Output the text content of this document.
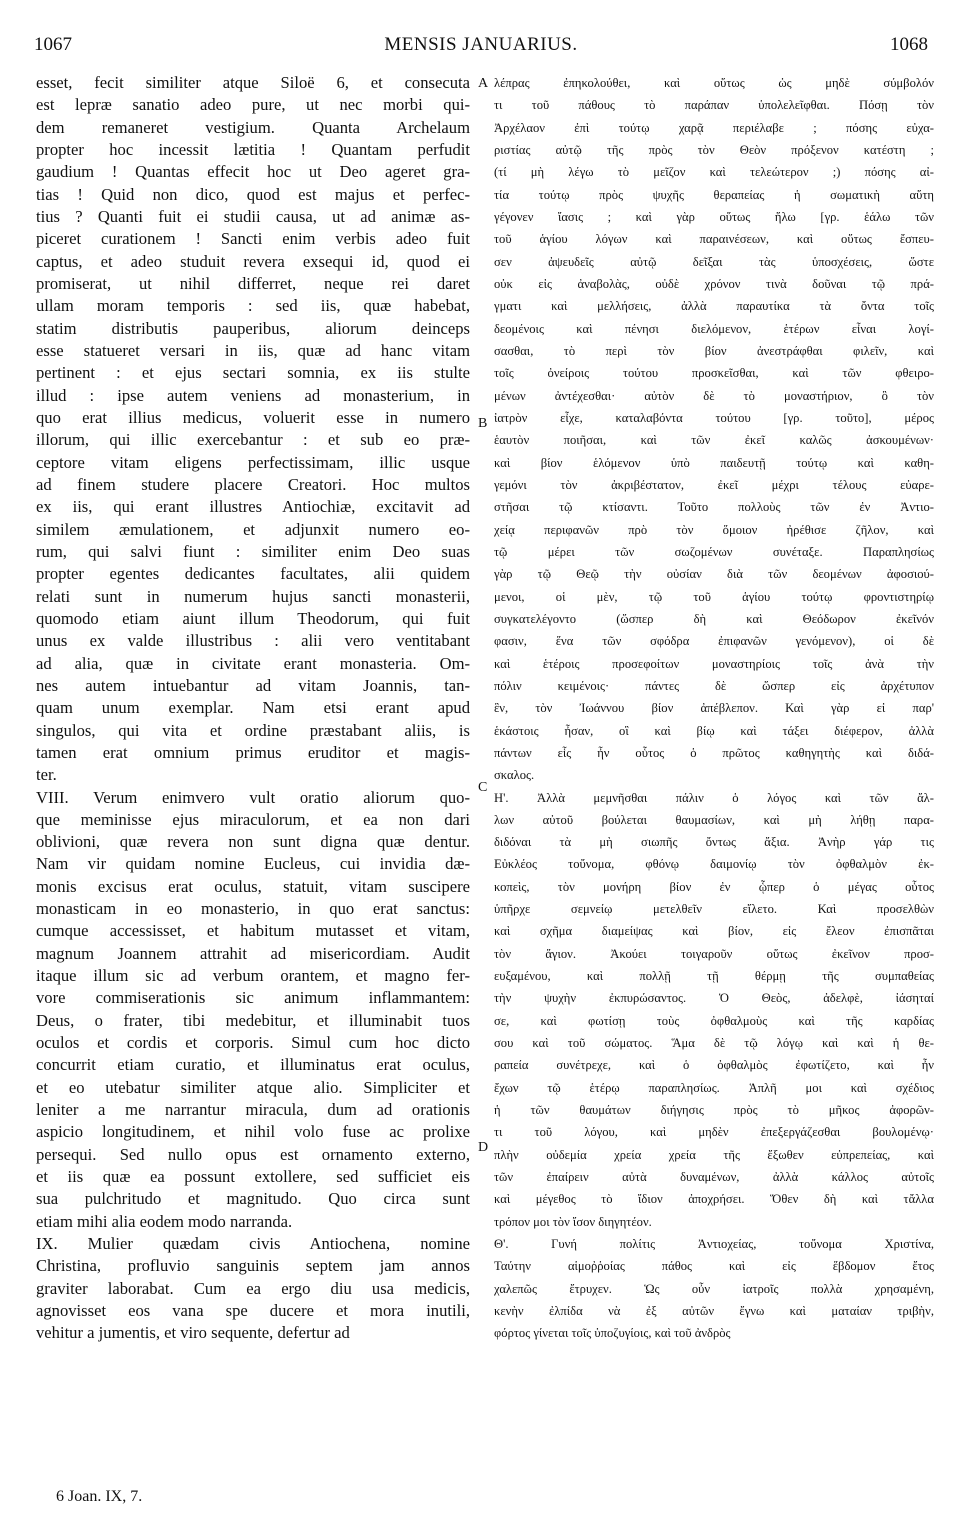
1067	MENSIS JANUARIUS.	1068
esset, fecit similiter atque Siloë 6, et consecuta
est lepræ sanatio adeo pure, ut nec morbi qui-
dem remaneret vestigium. Quanta Archelaum
propter hoc incessit lætitia ! Quantam perfudit
gaudium ! Quantas effecit hoc ut Deo ageret gra-
tias ! Quid non dico, quod est majus et perfec-
tius ? Quanti fuit ei studii causa, ut ad animæ as-
piceret curationem ! Sancti enim verbis adeo fuit
captus, et adeo studuit revera exsequi id, quod ei
promiserat, ut nihil differret, neque rei daret
ullam moram temporis : sed iis, quæ habebat,
statim distributis pauperibus, aliorum deinceps
esse statueret versari in iis, quæ ad hanc vitam
pertinent : et ejus sectari somnia, ex iis stulte
illud : ipse autem veniens ad monasterium, in
quo erat illius medicus, voluerit esse in numero
illorum, qui illic exercebantur : et sub eo præ-
ceptore vitam eligens perfectissimam, illic usque
ad finem studere placere Creatori. Hoc multos
ex iis, qui erant illustres Antiochiæ, excitavit ad
similem æmulationem, et adjunxit numero eo-
rum, qui salvi fiunt : similiter enim Deo suas
propter egentes dedicantes facultates, alii quidem
relati sunt in numerum hujus sancti monasterii,
quomodo etiam aiunt illum Theodorum, qui fuit
unus ex valde illustribus : alii vero ventitabant
ad alia, quæ in civitate erant monasteria. Om-
nes autem intuebantur ad vitam Joannis, tan-
quam unum exemplar. Nam etsi erant apud
singulos, qui vita et ordine præstabant aliis, is
tamen erat omnium primus eruditor et magis-
ter.
VIII. Verum enimvero vult oratio aliorum quo-
que meminisse ejus miraculorum, et ea non dari
oblivioni, quæ revera non sunt digna quæ dentur.
Nam vir quidam nomine Eucleus, cui invidia dæ-
monis excisus erat oculus, statuit, vitam suscipere
monasticam in eo monasterio, in quo erat sanctus:
cumque accessisset, et habitum mutasset et vitam,
magnum Joannem attrahit ad misericordiam. Audit
itaque illum sic ad verbum orantem, et magno fer-
vore commiserationis sic animum inflammantem:
Deus, o frater, tibi medebitur, et illuminabit tuos
oculos et cordis et corporis. Simul cum hoc dicto
concurrit etiam curatio, et illuminatus erat oculus,
et eo utebatur similiter atque alio. Simpliciter et
leniter a me narrantur miracula, dum ad orationis
aspicio longitudinem, et nihil volo fuse ac prolixe
persequi. Sed nullo opus est ornamento externo,
et iis quæ ea possunt extollere, sed sufficiet eis
sua pulchritudo et magnitudo. Quo circa sunt
etiam mihi alia eodem modo narranda.
IX. Mulier quædam civis Antiochena, nomine
Christina, profluvio sanguinis septem jam annos
graviter laborabat. Cum ea ergo diu usa medicis,
agnovisset eos vana spe ducere et mora inutili,
vehitur a jumentis, et viro sequente, defertur ad
λέπρας ἐπηκολούθει, καὶ οὕτως ὡς μηδὲ σύμβολόν
τι τοῦ πάθους τὸ παράπαν ὑπολελεῖφθαι. Πόσῃ τὸν
Ἀρχέλαον ἐπὶ τούτῳ χαρᾷ περιέλαβε ; πόσης εὐχα-
ριστίας αὐτῷ τῆς πρὸς τὸν Θεὸν πρόξενον κατέστη ;
(τί μὴ λέγω τὸ μεῖζον καὶ τελεώτερον ;) πόσης αἰ-
τία τούτῳ πρὸς ψυχῆς θεραπείας ἡ σωματικὴ αὕτη
γέγονεν ἴασις ; καὶ γὰρ οὕτως ἥλω [γρ. ἑάλω τῶν
τοῦ ἁγίου λόγων καὶ παραινέσεων, καὶ οὕτως ἔσπευ-
σεν ἀψευδεῖς αὐτῷ δεῖξαι τὰς ὑποσχέσεις, ὥστε
οὐκ εἰς ἀναβολὰς, οὐδὲ χρόνον τινὰ δοῦναι τῷ πρά-
γματι καὶ μελλήσεις, ἀλλὰ παραυτίκα τὰ ὄντα τοῖς
δεομένοις καὶ πένησι διελόμενον, ἑτέρων εἶναι λογί-
σασθαι, τὸ περὶ τὸν βίον ἀνεστράφθαι φιλεῖν, καὶ
τοῖς ὀνείροις τούτου προσκεῖσθαι, καὶ τῶν φθειρο-
μένων ἀντέχεσθαι· αὐτὸν δὲ τὸ μοναστήριον, ὃ τὸν
ἰατρὸν εἶχε, καταλαβόντα τούτου [γρ. τοῦτο], μέρος
ἑαυτὸν ποιῆσαι, καὶ τῶν ἐκεῖ καλῶς ἀσκουμένων·
καὶ βίον ἑλόμενον ὑπὸ παιδευτῇ τούτῳ καὶ καθη-
γεμόνι τὸν ἀκριβέστατον, ἐκεῖ μέχρι τέλους εὐαρε-
στῆσαι τῷ κτίσαντι. Τοῦτο πολλοὺς τῶν ἐν Ἀντιο-
χείᾳ περιφανῶν πρὸ τὸν ὅμοιον ἠρέθισε ζῆλον, καὶ
τῷ μέρει τῶν σωζομένων συνέταξε. Παραπλησίως
γὰρ τῷ Θεῷ τὴν οὐσίαν διὰ τῶν δεομένων ἀφοσιού-
μενοι, οἱ μὲν, τῷ τοῦ ἁγίου τούτῳ φροντιστηρίῳ
συγκατελέγοντο (ὥσπερ δὴ καὶ Θεόδωρον ἐκεῖνόν
φασιν, ἕνα τῶν σφόδρα ἐπιφανῶν γενόμενον), οἱ δὲ
καὶ ἑτέροις προσεφοίτων μοναστηρίοις τοῖς ἀνὰ τὴν
πόλιν κειμένοις· πάντες δὲ ὥσπερ εἰς ἀρχέτυπον
ἓν, τὸν Ἰωάννου βίον ἀπέβλεπον. Καὶ γὰρ εἰ παρ'
ἑκάστοις ἦσαν, οἳ καὶ βίῳ καὶ τάξει διέφερον, ἀλλὰ
πάντων εἷς ἦν οὗτος ὁ πρῶτος καθηγητὴς καὶ διδά-
σκαλος.
Η'. Ἀλλὰ μεμνῆσθαι πάλιν ὁ λόγος καὶ τῶν ἄλ-
λων αὐτοῦ βούλεται θαυμασίων, καὶ μὴ λήθῃ παρα-
διδόναι τὰ μὴ σιωπῆς ὄντως ἄξια. Ἀνὴρ γάρ τις
Εὐκλέος τοὔνομα, φθόνῳ δαιμονίῳ τὸν ὀφθαλμὸν ἐκ-
κοπεὶς, τὸν μονήρη βίον ἐν ᾧπερ ὁ μέγας οὗτος
ὑπῆρχε σεμνείῳ μετελθεῖν εἵλετο. Καὶ προσελθὼν
καὶ σχῆμα διαμείψας καὶ βίον, εἰς ἔλεον ἐπισπᾶται
τὸν ἅγιον. Ἀκούει τοιγαροῦν οὕτως ἐκεῖνον προσ-
ευξαμένου, καὶ πολλῇ τῇ θέρμῃ τῆς συμπαθείας
τὴν ψυχὴν ἐκπυρώσαντος. Ὁ Θεὸς, ἀδελφὲ, ἰάσηταί
σε, καὶ φωτίσῃ τοὺς ὀφθαλμοὺς καὶ τῆς καρδίας
σου καὶ τοῦ σώματος. Ἅμα δὲ τῷ λόγῳ καὶ καὶ ἡ θε-
ραπεία συνέτρεχε, καὶ ὁ ὀφθαλμὸς ἐφωτίζετο, καὶ ἦν
ἔχων τῷ ἑτέρῳ παραπλησίως. Ἁπλῆ μοι καὶ σχέδιος
ἡ τῶν θαυμάτων διήγησις πρὸς τὸ μῆκος ἀφορῶν-
τι τοῦ λόγου, καὶ μηδὲν ἐπεξεργάζεσθαι βουλομένῳ·
πλὴν οὐδεμία χρεία χρεία τῆς ἔξωθεν εὐπρεπείας, καὶ
τῶν ἐπαίρειν αὐτὰ δυναμένων, ἀλλὰ κάλλος αὐτοῖς
καὶ μέγεθος τὸ ἴδιον ἀποχρήσει. Ὅθεν δὴ καὶ τἄλλα
τρόπον μοι τὸν ἴσον διηγητέον.
Θ'. Γυνή πολίτις Ἀντιοχείας, τοὔνομα Χριστίνα,
Ταύτην αἱμοῤῥοίας πάθος καὶ εἰς ἕβδομον ἔτος
χαλεπῶς ἔτρυχεν. Ὡς οὖν ἰατροῖς πολλὰ χρησαμένη,
κενὴν ἐλπίδα νὰ ἐξ αὐτῶν ἔγνω καὶ ματαίαν τριβὴν,
φόρτος γίνεται τοῖς ὑποζυγίοις, καὶ τοῦ ἀνδρὸς
A
B
C
D
6 Joan. IX, 7.
